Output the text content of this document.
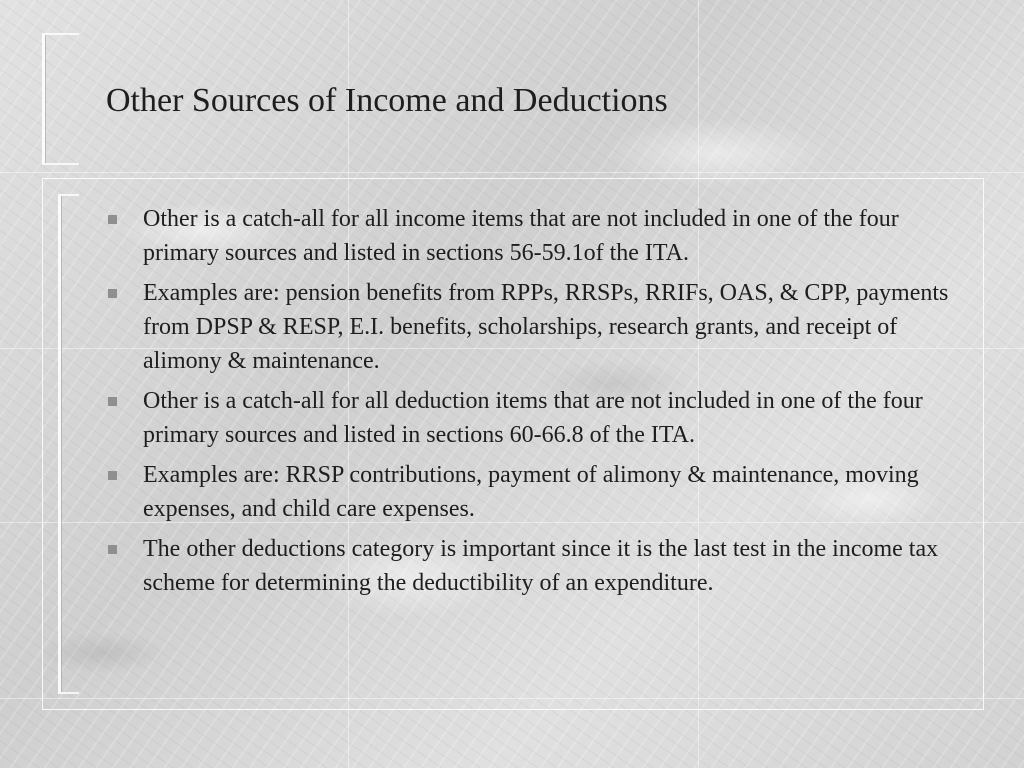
Other Sources of Income and Deductions
Other is a catch-all for all income items that are not included in one of the four primary sources and listed in sections 56-59.1of the ITA.
Examples are: pension benefits from RPPs, RRSPs, RRIFs, OAS, & CPP, payments from DPSP & RESP, E.I. benefits, scholarships, research grants, and receipt of alimony & maintenance.
Other is a catch-all for all deduction items that are not included in one of the four primary sources and listed in sections 60-66.8 of the ITA.
Examples are: RRSP contributions, payment of alimony & maintenance, moving expenses, and child care expenses.
The other deductions category is important since it is the last test in the income tax scheme for determining the deductibility of an expenditure.
